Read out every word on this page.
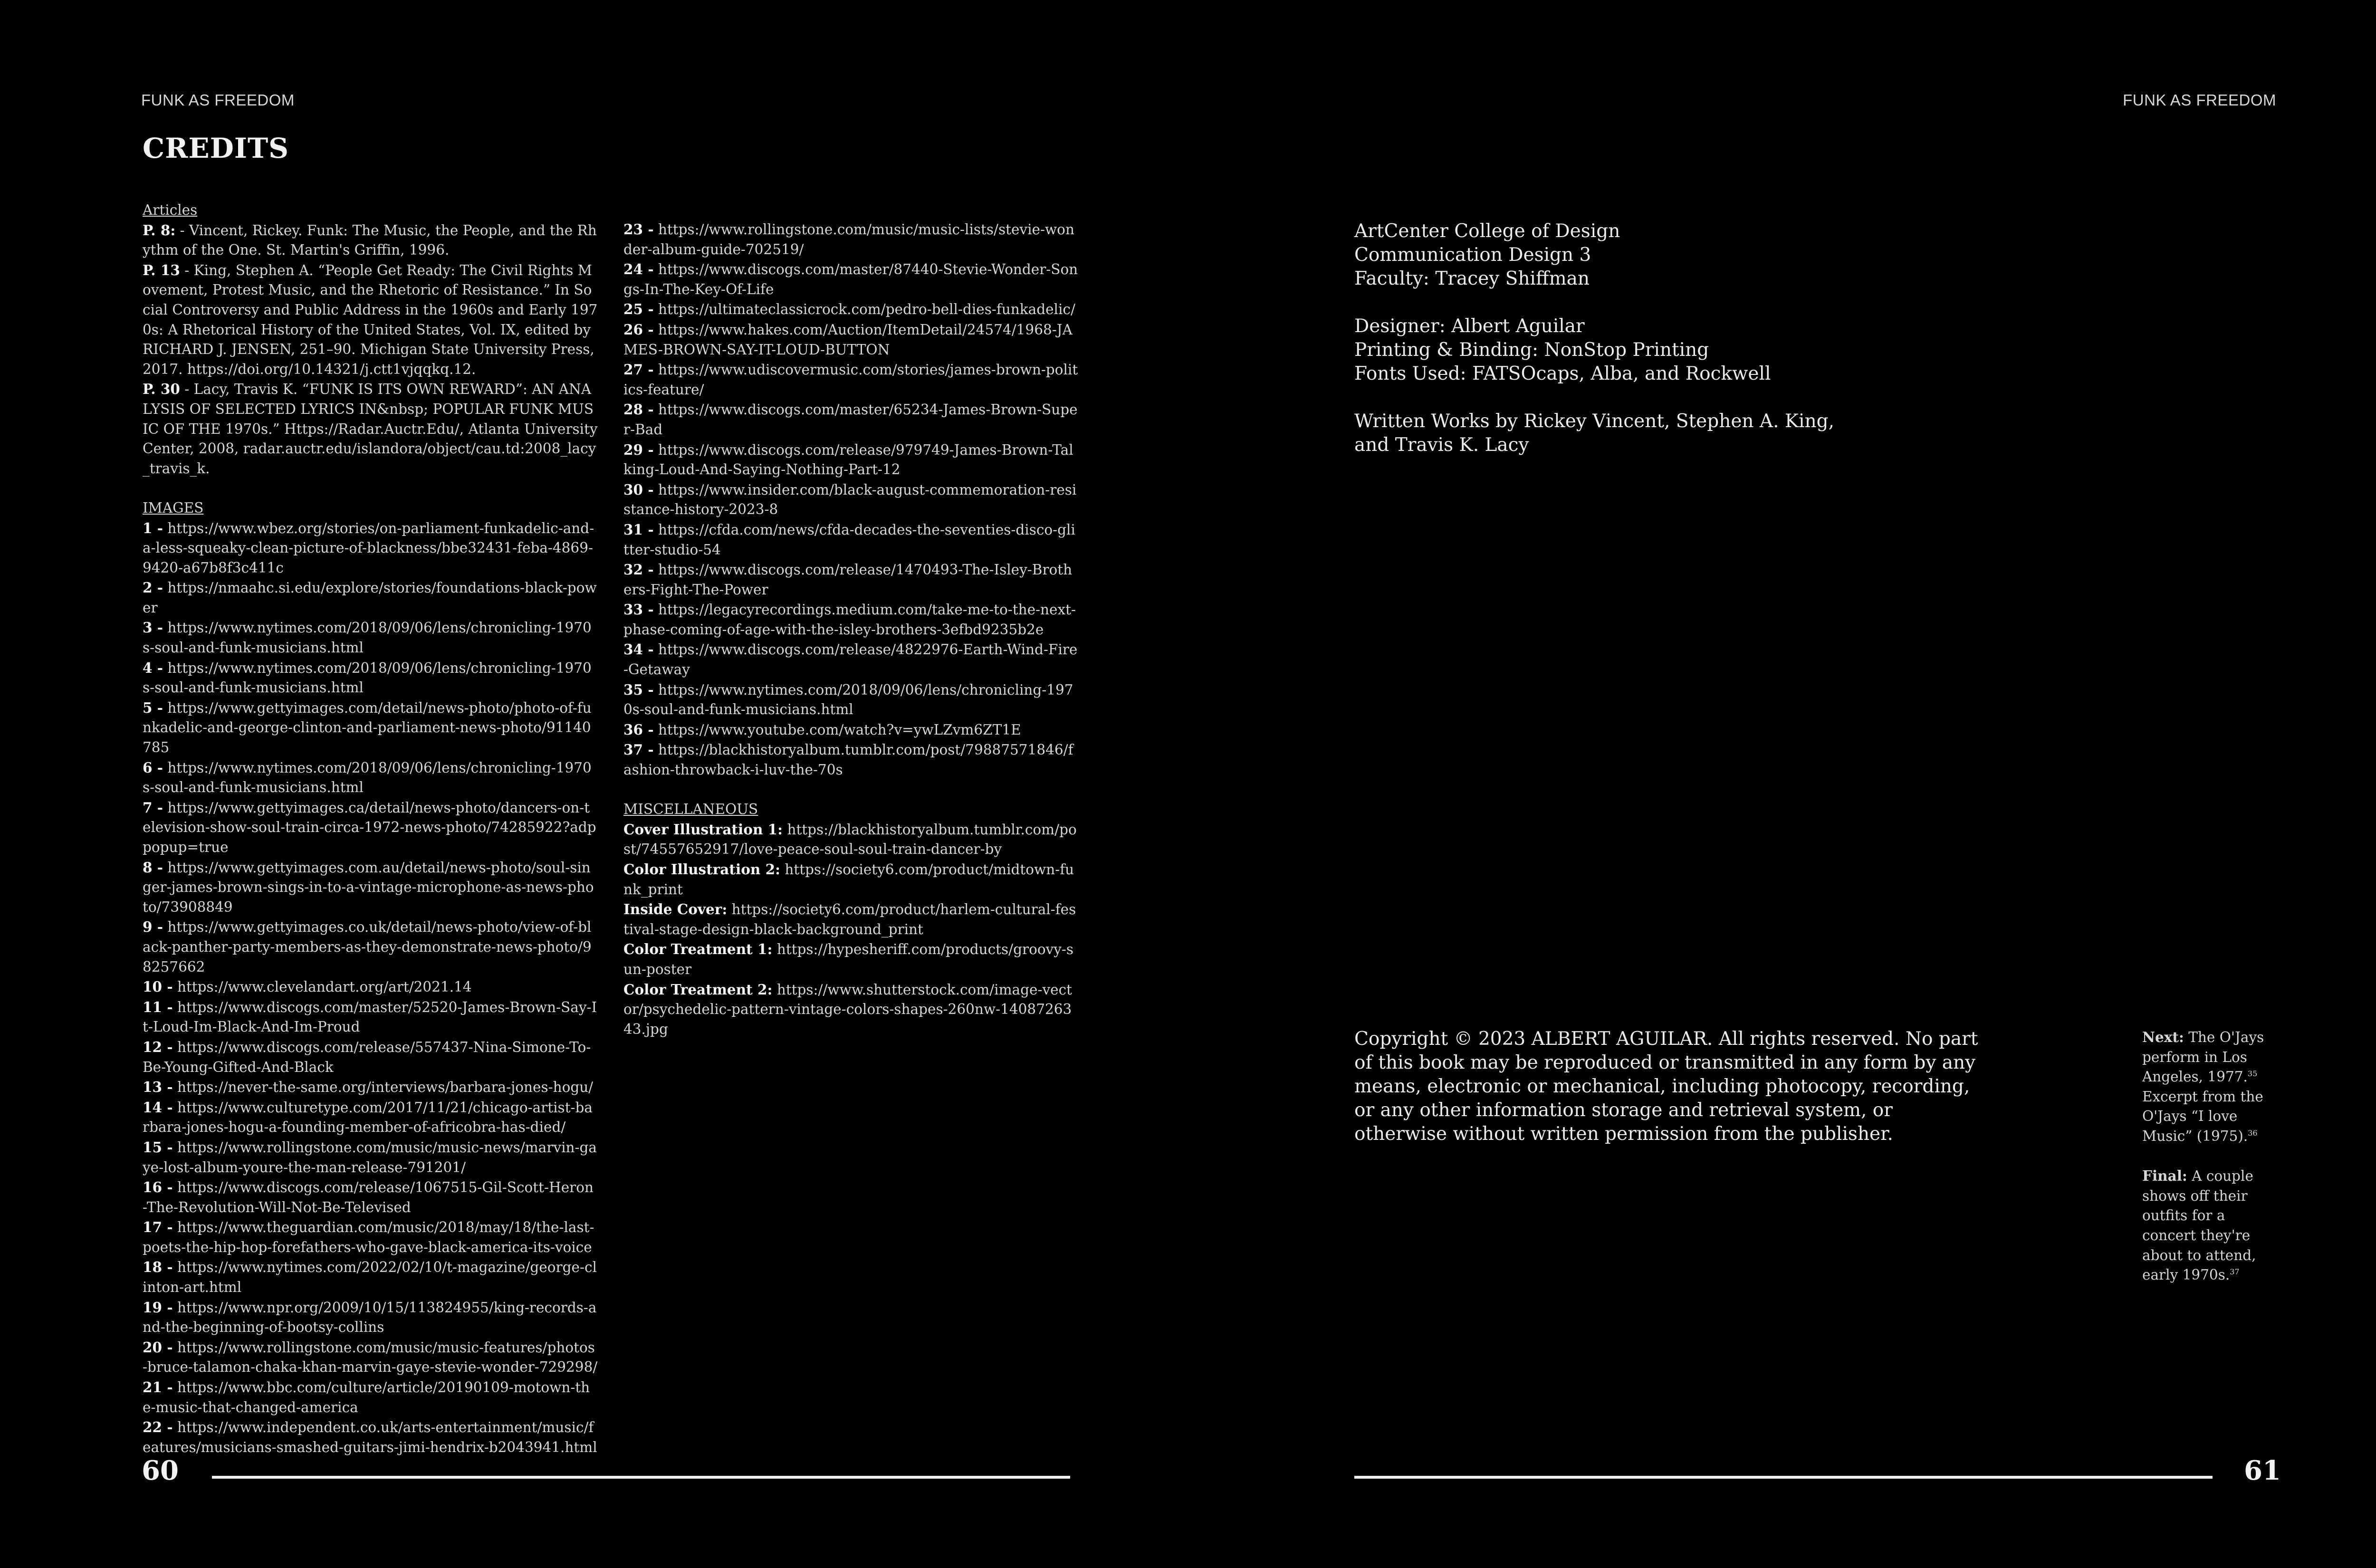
FUNK AS FREEDOM
CREDITS
Articles
P. 8: - Vincent, Rickey. Funk: The Music, the People, and the Rhythm of the One. St. Martin's Griffin, 1996.
P. 13 - King, Stephen A. “People Get Ready: The Civil Rights Movement, Protest Music, and the Rhetoric of Resistance.” In Social Controversy and Public Address in the 1960s and Early 1970s: A Rhetorical History of the United States, Vol. IX, edited by RICHARD J. JENSEN, 251–90. Michigan State University Press, 2017. https://doi.org/10.14321/j.ctt1vjqqkq.12.
P. 30 - Lacy, Travis K. “FUNK IS ITS OWN REWARD”: AN ANALYSIS OF SELECTED LYRICS IN&nbsp; POPULAR FUNK MUSIC OF THE 1970s.” Https://Radar.Auctr.Edu/, Atlanta University Center, 2008, radar.auctr.edu/islandora/object/cau.td:2008_lacy_travis_k.
IMAGES
1 - https://www.wbez.org/stories/on-parliament-funkadelic-and-a-less-squeaky-clean-picture-of-blackness/bbe32431-feba-4869-9420-a67b8f3c411c
2 - https://nmaahc.si.edu/explore/stories/foundations-black-power
3 - https://www.nytimes.com/2018/09/06/lens/chronicling-1970s-soul-and-funk-musicians.html
4 - https://www.nytimes.com/2018/09/06/lens/chronicling-1970s-soul-and-funk-musicians.html
5 - https://www.gettyimages.com/detail/news-photo/photo-of-funkadelic-and-george-clinton-and-parliament-news-photo/91140785
6 - https://www.nytimes.com/2018/09/06/lens/chronicling-1970s-soul-and-funk-musicians.html
7 - https://www.gettyimages.ca/detail/news-photo/dancers-on-television-show-soul-train-circa-1972-news-photo/74285922?adppopup=true
8 - https://www.gettyimages.com.au/detail/news-photo/soul-singer-james-brown-sings-in-to-a-vintage-microphone-as-news-photo/73908849
9 - https://www.gettyimages.co.uk/detail/news-photo/view-of-black-panther-party-members-as-they-demonstrate-news-photo/98257662
10 - https://www.clevelandart.org/art/2021.14
11 - https://www.discogs.com/master/52520-James-Brown-Say-It-Loud-Im-Black-And-Im-Proud
12 - https://www.discogs.com/release/557437-Nina-Simone-To-Be-Young-Gifted-And-Black
13 - https://never-the-same.org/interviews/barbara-jones-hogu/
14 - https://www.culturetype.com/2017/11/21/chicago-artist-barbara-jones-hogu-a-founding-member-of-africobra-has-died/
15 - https://www.rollingstone.com/music/music-news/marvin-gaye-lost-album-youre-the-man-release-791201/
16 - https://www.discogs.com/release/1067515-Gil-Scott-Heron-The-Revolution-Will-Not-Be-Televised
17 - https://www.theguardian.com/music/2018/may/18/the-last-poets-the-hip-hop-forefathers-who-gave-black-america-its-voice
18 - https://www.nytimes.com/2022/02/10/t-magazine/george-clinton-art.html
19 - https://www.npr.org/2009/10/15/113824955/king-records-and-the-beginning-of-bootsy-collins
20 - https://www.rollingstone.com/music/music-features/photos-bruce-talamon-chaka-khan-marvin-gaye-stevie-wonder-729298/
21 - https://www.bbc.com/culture/article/20190109-motown-the-music-that-changed-america
22 - https://www.independent.co.uk/arts-entertainment/music/features/musicians-smashed-guitars-jimi-hendrix-b2043941.html
23 - https://www.rollingstone.com/music/music-lists/stevie-wonder-album-guide-702519/
24 - https://www.discogs.com/master/87440-Stevie-Wonder-Songs-In-The-Key-Of-Life
25 - https://ultimateclassicrock.com/pedro-bell-dies-funkadelic/
26 - https://www.hakes.com/Auction/ItemDetail/24574/1968-JAMES-BROWN-SAY-IT-LOUD-BUTTON
27 - https://www.udiscovermusic.com/stories/james-brown-politics-feature/
28 - https://www.discogs.com/master/65234-James-Brown-Super-Bad
29 - https://www.discogs.com/release/979749-James-Brown-Talking-Loud-And-Saying-Nothing-Part-12
30 - https://www.insider.com/black-august-commemoration-resistance-history-2023-8
31 - https://cfda.com/news/cfda-decades-the-seventies-disco-glitter-studio-54
32 - https://www.discogs.com/release/1470493-The-Isley-Brothers-Fight-The-Power
33 - https://legacyrecordings.medium.com/take-me-to-the-next-phase-coming-of-age-with-the-isley-brothers-3efbd9235b2e
34 - https://www.discogs.com/release/4822976-Earth-Wind-Fire-Getaway
35 - https://www.nytimes.com/2018/09/06/lens/chronicling-1970s-soul-and-funk-musicians.html
36 - https://www.youtube.com/watch?v=ywLZvm6ZT1E
37 - https://blackhistoryalbum.tumblr.com/post/79887571846/fashion-throwback-i-luv-the-70s
MISCELLANEOUS
Cover Illustration 1: https://blackhistoryalbum.tumblr.com/post/74557652917/love-peace-soul-soul-train-dancer-by
Color Illustration 2: https://society6.com/product/midtown-funk_print
Inside Cover: https://society6.com/product/harlem-cultural-festival-stage-design-black-background_print
Color Treatment 1: https://hypesheriff.com/products/groovy-sun-poster
Color Treatment 2: https://www.shutterstock.com/image-vector/psychedelic-pattern-vintage-colors-shapes-260nw-1408726343.jpg
60
FUNK AS FREEDOM
ArtCenter College of Design
Communication Design 3
Faculty: Tracey Shiffman
Designer: Albert Aguilar
Printing & Binding: NonStop Printing
Fonts Used: FATSOcaps, Alba, and Rockwell
Written Works by Rickey Vincent, Stephen A. King,
and Travis K. Lacy
Copyright © 2023 ALBERT AGUILAR. All rights reserved. No part of this book may be reproduced or transmitted in any form by any means, electronic or mechanical, including photocopy, recording, or any other information storage and retrieval system, or otherwise without written permission from the publisher.

Next: The O'Jays perform in Los Angeles, 1977.35 Excerpt from the O'Jays “I love Music” (1975).$^{36}$

Final: A couple shows off their outfits for a concert they're about to attend, early 1970s.$^{37}$

61
